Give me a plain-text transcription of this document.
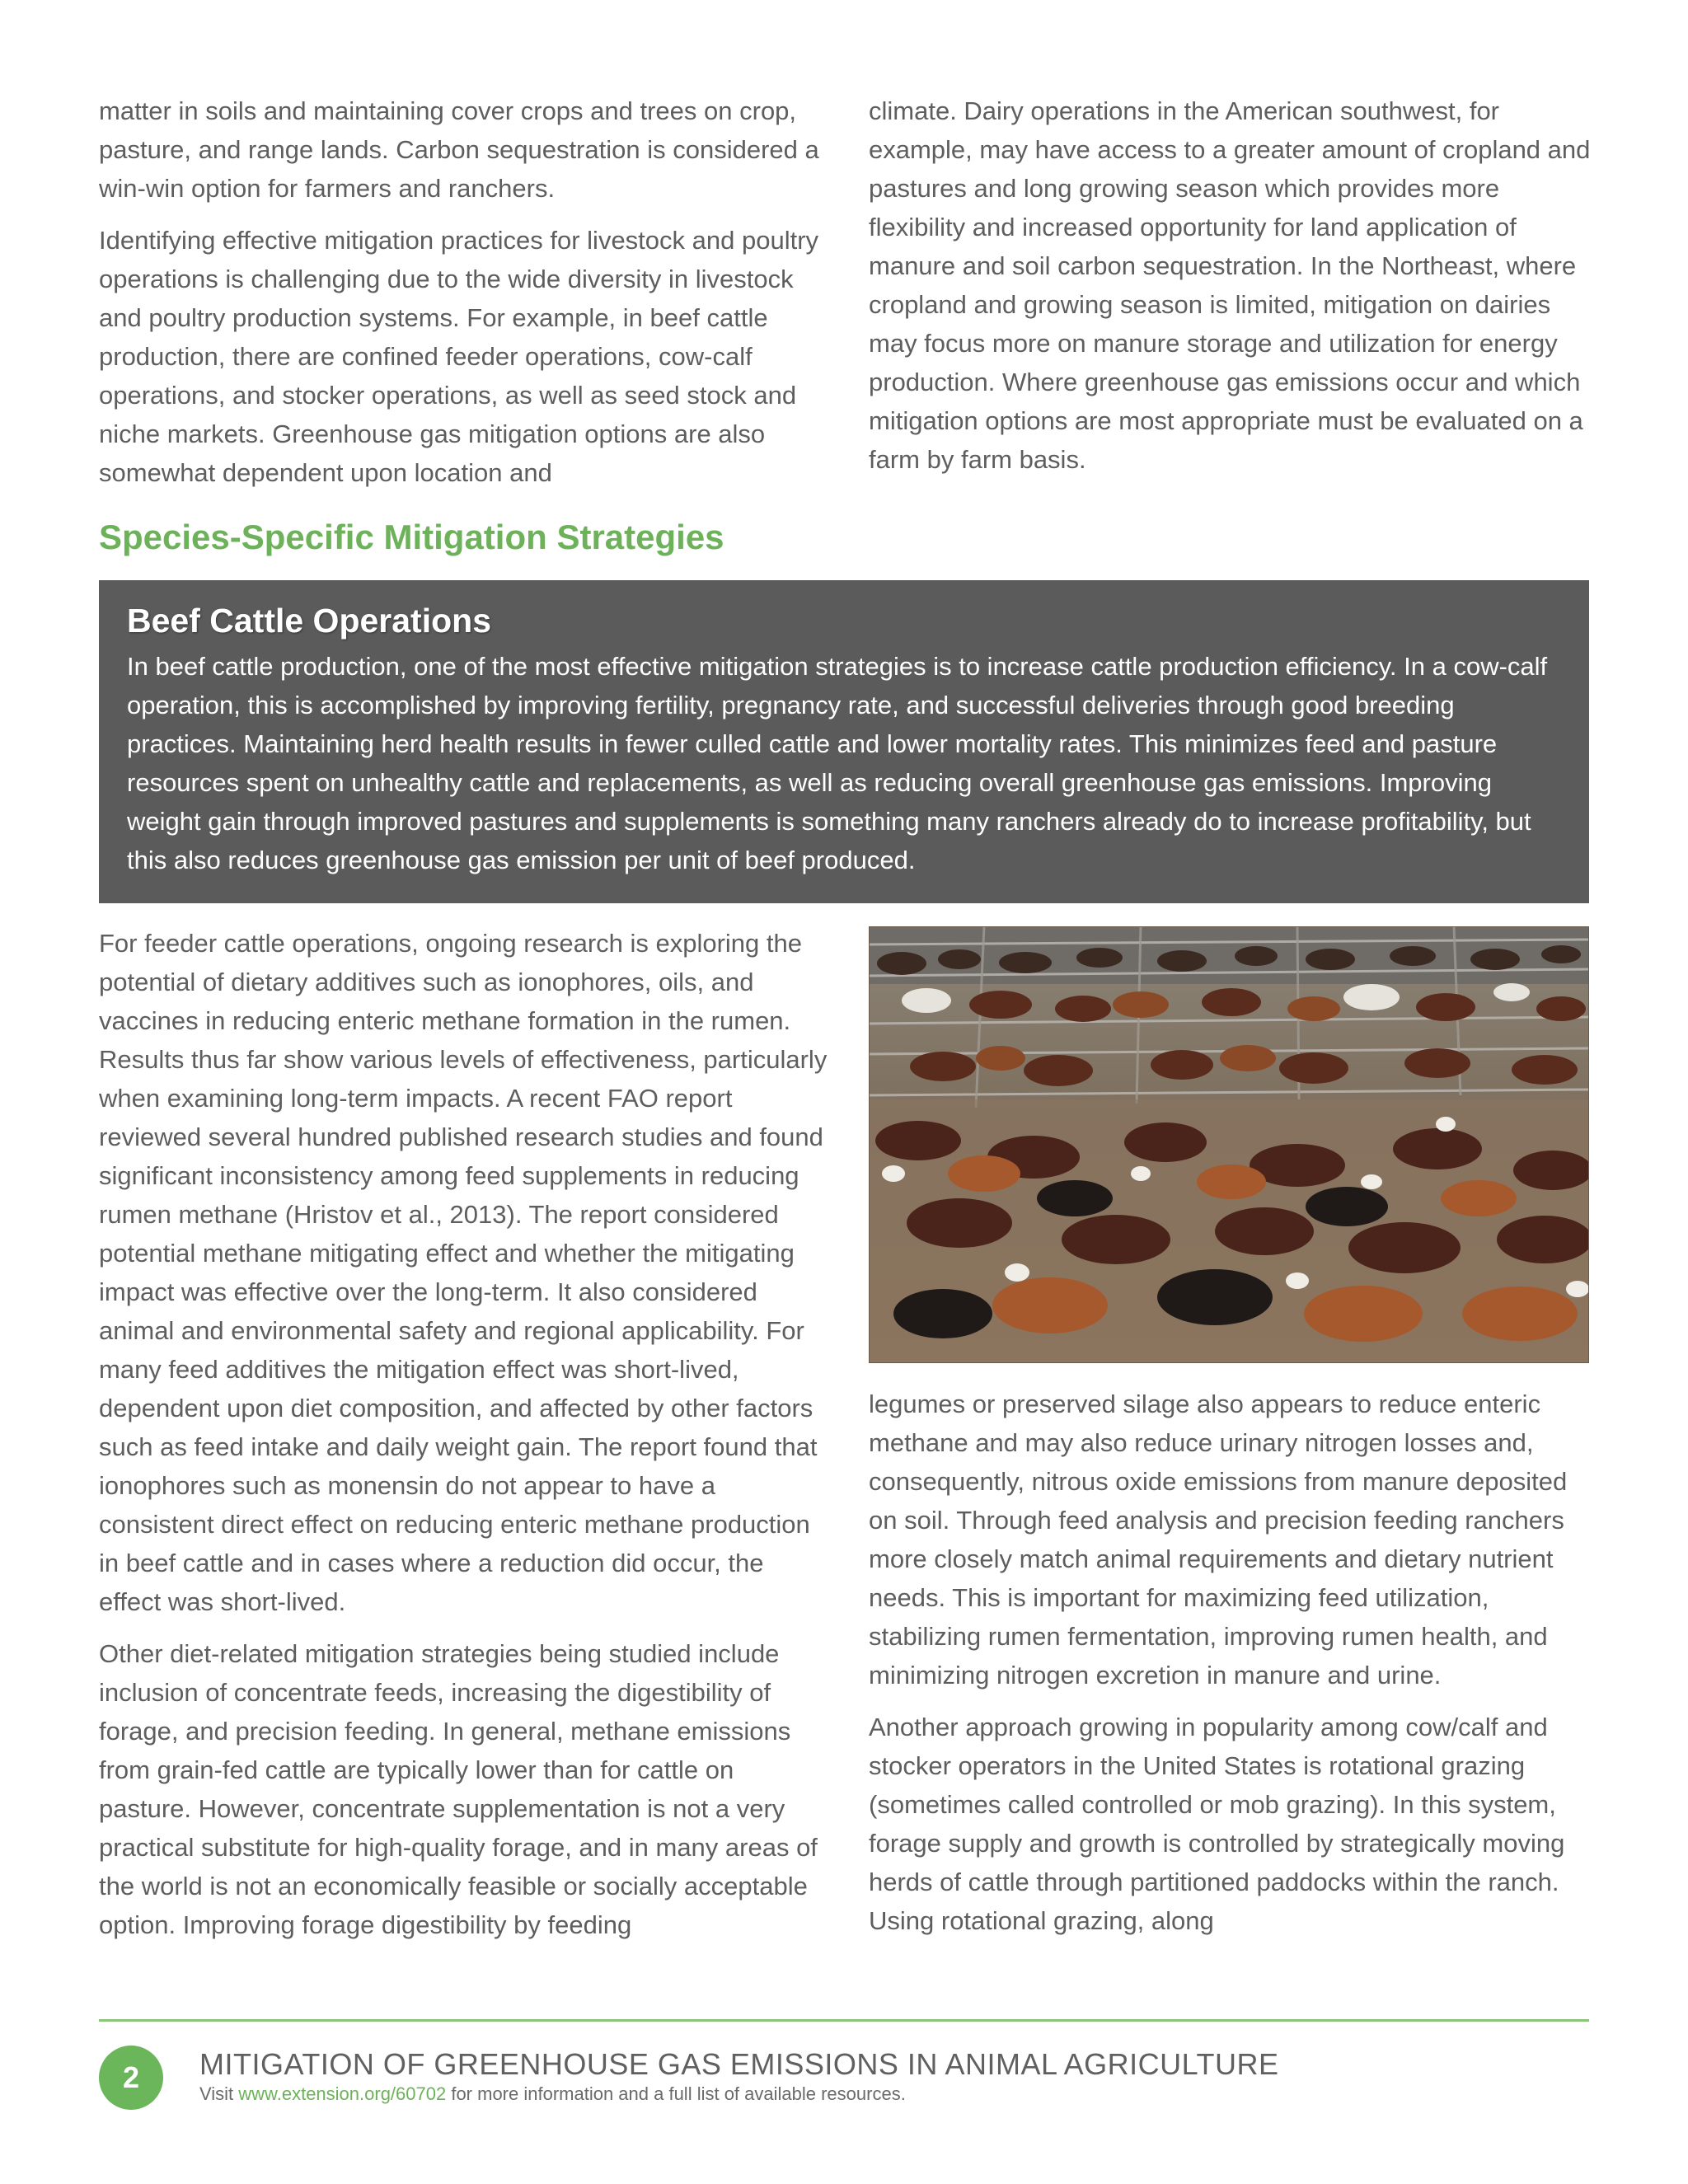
matter in soils and maintaining cover crops and trees on crop, pasture, and range lands. Carbon sequestration is considered a win-win option for farmers and ranchers.

Identifying effective mitigation practices for livestock and poultry operations is challenging due to the wide diversity in livestock and poultry production systems. For example, in beef cattle production, there are confined feeder operations, cow-calf operations, and stocker operations, as well as seed stock and niche markets. Greenhouse gas mitigation options are also somewhat dependent upon location and

climate. Dairy operations in the American southwest, for example, may have access to a greater amount of cropland and pastures and long growing season which provides more flexibility and increased opportunity for land application of manure and soil carbon sequestration. In the Northeast, where cropland and growing season is limited, mitigation on dairies may focus more on manure storage and utilization for energy production. Where greenhouse gas emissions occur and which mitigation options are most appropriate must be evaluated on a farm by farm basis.

Species-Specific Mitigation Strategies
Beef Cattle Operations

In beef cattle production, one of the most effective mitigation strategies is to increase cattle production efficiency. In a cow-calf operation, this is accomplished by improving fertility, pregnancy rate, and successful deliveries through good breeding practices. Maintaining herd health results in fewer culled cattle and lower mortality rates. This minimizes feed and pasture resources spent on unhealthy cattle and replacements, as well as reducing overall greenhouse gas emissions. Improving weight gain through improved pastures and supplements is something many ranchers already do to increase profitability, but this also reduces greenhouse gas emission per unit of beef produced.

For feeder cattle operations, ongoing research is exploring the potential of dietary additives such as ionophores, oils, and vaccines in reducing enteric methane formation in the rumen. Results thus far show various levels of effectiveness, particularly when examining long-term impacts. A recent FAO report reviewed several hundred published research studies and found significant inconsistency among feed supplements in reducing rumen methane (Hristov et al., 2013). The report considered potential methane mitigating effect and whether the mitigating impact was effective over the long-term. It also considered animal and environmental safety and regional applicability. For many feed additives the mitigation effect was short-lived, dependent upon diet composition, and affected by other factors such as feed intake and daily weight gain. The report found that ionophores such as monensin do not appear to have a consistent direct effect on reducing enteric methane production in beef cattle and in cases where a reduction did occur, the effect was short-lived.

Other diet-related mitigation strategies being studied include inclusion of concentrate feeds, increasing the digestibility of forage, and precision feeding. In general, methane emissions from grain-fed cattle are typically lower than for cattle on pasture. However, concentrate supplementation is not a very practical substitute for high-quality forage, and in many areas of the world is not an economically feasible or socially acceptable option. Improving forage digestibility by feeding

legumes or preserved silage also appears to reduce enteric methane and may also reduce urinary nitrogen losses and, consequently, nitrous oxide emissions from manure deposited on soil. Through feed analysis and precision feeding ranchers more closely match animal requirements and dietary nutrient needs. This is important for maximizing feed utilization, stabilizing rumen fermentation, improving rumen health, and minimizing nitrogen excretion in manure and urine.

Another approach growing in popularity among cow/calf and stocker operators in the United States is rotational grazing (sometimes called controlled or mob grazing). In this system, forage supply and growth is controlled by strategically moving herds of cattle through partitioned paddocks within the ranch. Using rotational grazing, along

2	MITIGATION OF GREENHOUSE GAS EMISSIONS IN ANIMAL AGRICULTURE
Visit www.extension.org/60702 for more information and a full list of available resources.
